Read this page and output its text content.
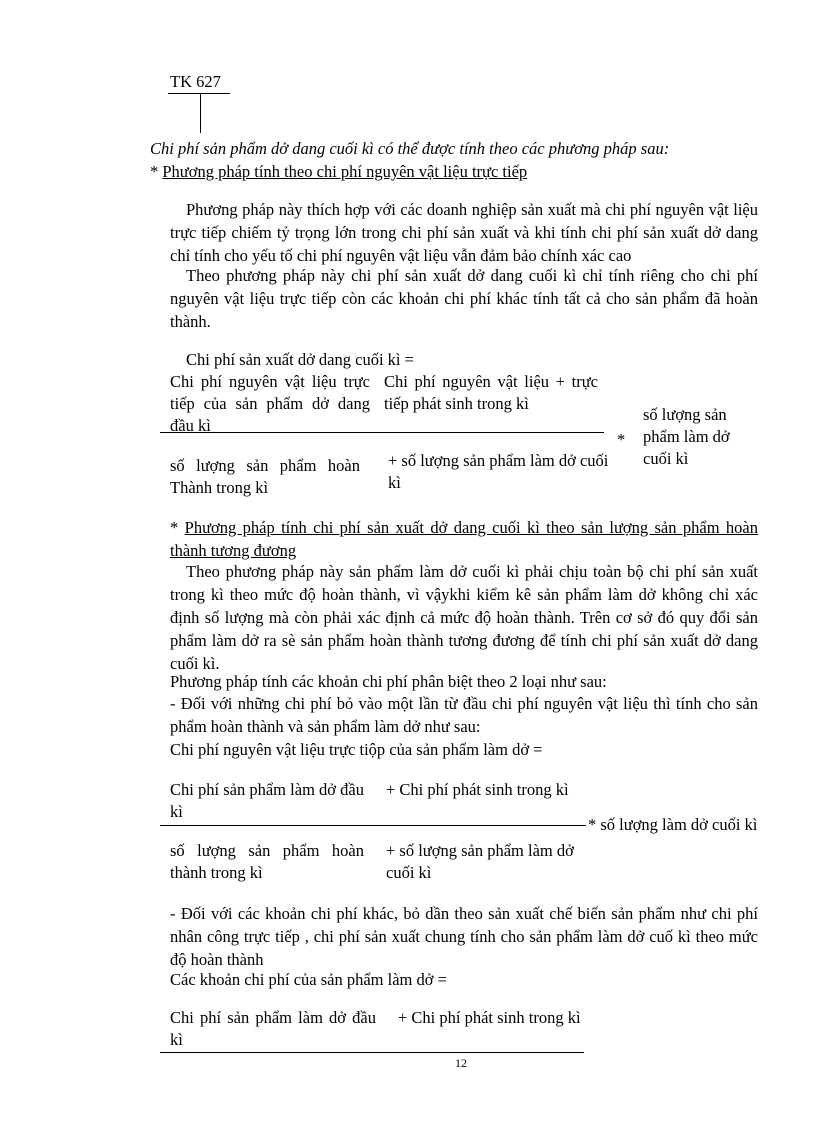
TK 627
Chi phí sản phẩm dở dang cuối kì có thể được tính theo các phương pháp sau:
* Phương pháp tính theo chi phí nguyên vật liệu trực tiếp
Phương pháp này thích hợp với các doanh nghiệp sản xuất mà chi phí nguyên vật liệu trực tiếp chiếm tỷ trọng lớn trong chi phí sản xuất và khi tính chi phí sản xuất dở dang chỉ tính cho yếu tố chi phí nguyên vật liệu vẫn đảm bảo chính xác cao
Theo phương pháp này chi phí sản xuất dở dang cuối kì chỉ tính riêng cho chi phí nguyên vật liệu trực tiếp còn các khoản chi phí khác tính tất cả cho sản phẩm đã hoàn thành.
Chi phí sản xuất dở dang cuối kì =
Chi phí nguyên vật liệu trực tiếp của sản phẩm dở dang đầu kì
Chi phí nguyên vật liệu + trực tiếp phát sinh trong kì
số lượng sản phẩm hoàn Thành trong kì
+ số lượng sản phẩm làm dở cuối kì
*
số lượng sản phẩm làm dở cuối kì
* Phương pháp tính chi phí sản xuất dở dang cuối kì theo sản lượng sản phẩm hoàn thành tương đương
Theo phương pháp này sản phẩm làm dở cuối kì phải chịu toàn bộ chi phí sản xuất trong kì theo mức độ hoàn thành, vì vậykhi kiểm kê sản phẩm làm dở không chỉ xác định số lượng mà còn phải xác định cả mức độ hoàn thành. Trên cơ sở đó quy đổi sản phẩm làm dở ra sè sản phẩm hoàn thành tương đương để tính chi phí sản xuất dở dang cuối kì.
Phương pháp tính các khoản chi phí phân biệt theo 2 loại như sau:
- Đối với những chi phí bỏ vào một lần từ đầu chi phí nguyên vật liệu thì tính cho sản phẩm hoàn thành và sản phẩm làm dở như sau:
Chi phí nguyên vật liệu trực tiộp của sản phẩm làm dở =
Chi phí sản phẩm làm dở đầu kì
+ Chi phí phát sinh trong kì
* số lượng làm dở cuối kì
số lượng sản phẩm hoàn thành trong kì
+ số lượng sản phẩm làm dở cuối kì
- Đối với các khoản chi phí khác, bỏ dần theo sản xuất chế biến sản phẩm như chi phí nhân công trực tiếp , chi phí sản xuất chung tính cho sản phẩm làm dở cuố kì theo mức độ hoàn thành
Các khoản chi phí của sản phẩm làm dở =
Chi phí sản phẩm làm dở đầu kì
+ Chi phí phát sinh trong kì
12
